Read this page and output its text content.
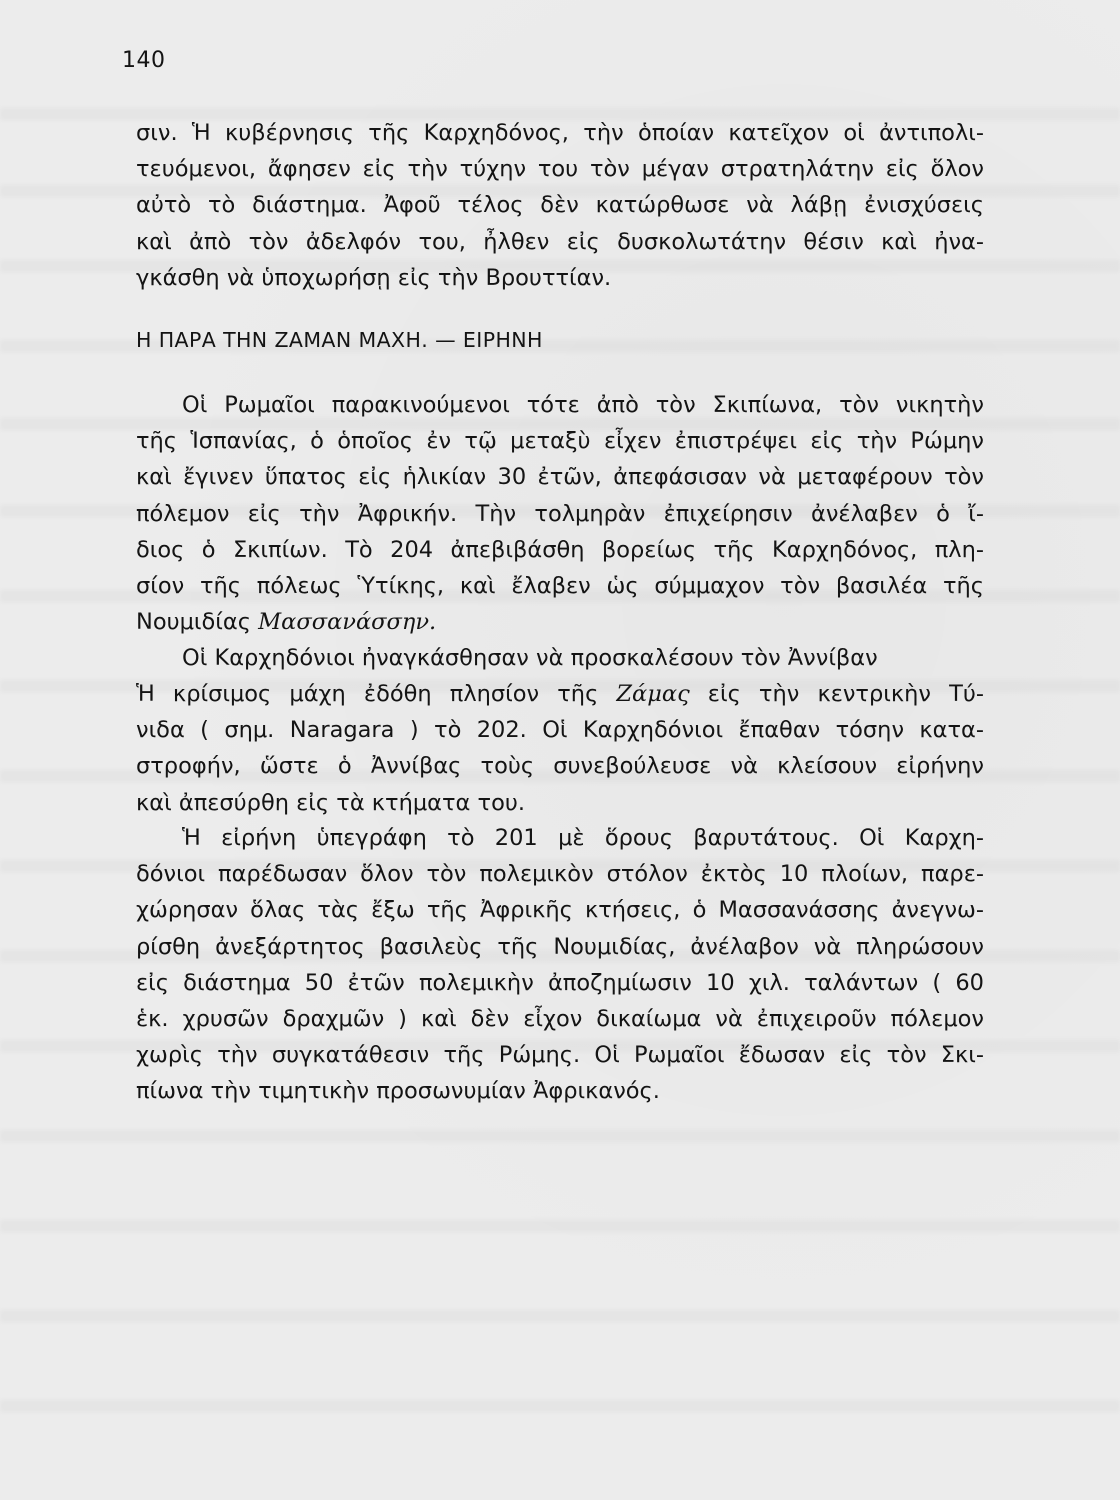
140
σιν. Ἡ κυβέρνησις τῆς Καρχηδόνος, τὴν ὁποίαν κατεῖχον οἱ ἀντιπολι-
τευόμενοι, ἄφησεν εἰς τὴν τύχην του τὸν μέγαν στρατηλάτην εἰς ὅλον
αὐτὸ τὸ διάστημα. Ἀφοῦ τέλος δὲν κατώρθωσε νὰ λάβῃ ἐνισχύσεις
καὶ ἀπὸ τὸν ἀδελφόν του, ἦλθεν εἰς δυσκολωτάτην θέσιν καὶ ἠνα-
γκάσθη νὰ ὑποχωρήσῃ εἰς τὴν Βρουττίαν.
Η ΠΑΡΑ ΤΗΝ ΖΑΜΑΝ ΜΑΧΗ. — ΕΙΡΗΝΗ
Οἱ Ρωμαῖοι παρακινούμενοι τότε ἀπὸ τὸν Σκιπίωνα, τὸν νικητὴν
τῆς Ἱσπανίας, ὁ ὁποῖος ἐν τῷ μεταξὺ εἶχεν ἐπιστρέψει εἰς τὴν Ρώμην
καὶ ἔγινεν ὕπατος εἰς ἡλικίαν 30 ἐτῶν, ἀπεφάσισαν νὰ μεταφέρουν τὸν
πόλεμον εἰς τὴν Ἀφρικήν. Τὴν τολμηρὰν ἐπιχείρησιν ἀνέλαβεν ὁ ἴ-
διος ὁ Σκιπίων. Τὸ 204 ἀπεβιβάσθη βορείως τῆς Καρχηδόνος, πλη-
σίον τῆς πόλεως Ὑτίκης, καὶ ἔλαβεν ὡς σύμμαχον τὸν βασιλέα τῆς
Νουμιδίας Μασσανάσσην.
Οἱ Καρχηδόνιοι ἠναγκάσθησαν νὰ προσκαλέσουν τὸν Ἀννίβαν
Ἡ κρίσιμος μάχη ἐδόθη πλησίον τῆς Ζάμας εἰς τὴν κεντρικὴν Τύ-
νιδα ( σημ. Naragara ) τὸ 202. Οἱ Καρχηδόνιοι ἔπαθαν τόσην κατα-
στροφήν, ὥστε ὁ Ἀννίβας τοὺς συνεβούλευσε νὰ κλείσουν εἰρήνην
καὶ ἀπεσύρθη εἰς τὰ κτήματα του.
Ἡ εἰρήνη ὑπεγράφη τὸ 201 μὲ ὅρους βαρυτάτους. Οἱ Καρχη-
δόνιοι παρέδωσαν ὅλον τὸν πολεμικὸν στόλον ἐκτὸς 10 πλοίων, παρε-
χώρησαν ὅλας τὰς ἔξω τῆς Ἀφρικῆς κτήσεις, ὁ Μασσανάσσης ἀνεγνω-
ρίσθη ἀνεξάρτητος βασιλεὺς τῆς Νουμιδίας, ἀνέλαβον νὰ πληρώσουν
εἰς διάστημα 50 ἐτῶν πολεμικὴν ἀποζημίωσιν 10 χιλ. ταλάντων ( 60
ἑκ. χρυσῶν δραχμῶν ) καὶ δὲν εἶχον δικαίωμα νὰ ἐπιχειροῦν πόλεμον
χωρὶς τὴν συγκατάθεσιν τῆς Ρώμης. Οἱ Ρωμαῖοι ἔδωσαν εἰς τὸν Σκι-
πίωνα τὴν τιμητικὴν προσωνυμίαν Ἀφρικανός.
